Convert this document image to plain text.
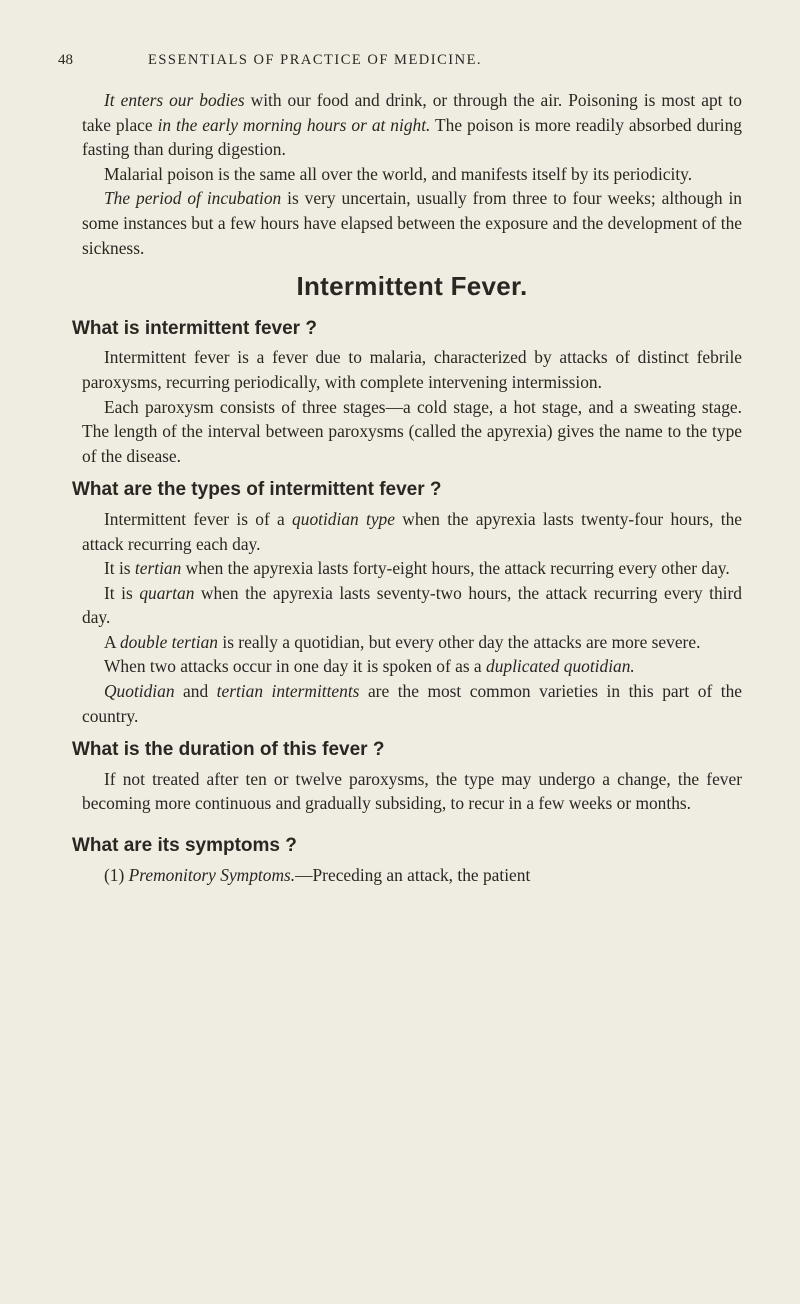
48	ESSENTIALS OF PRACTICE OF MEDICINE.

It enters our bodies with our food and drink, or through the air. Poisoning is most apt to take place in the early morning hours or at night. The poison is more readily absorbed during fasting than during digestion.

Malarial poison is the same all over the world, and manifests itself by its periodicity.

The period of incubation is very uncertain, usually from three to four weeks; although in some instances but a few hours have elapsed between the exposure and the development of the sickness.

Intermittent Fever.
What is intermittent fever ?

Intermittent fever is a fever due to malaria, characterized by attacks of distinct febrile paroxysms, recurring periodically, with complete intervening intermission.

Each paroxysm consists of three stages—a cold stage, a hot stage, and a sweating stage. The length of the interval between paroxysms (called the apyrexia) gives the name to the type of the disease.

What are the types of intermittent fever ?

Intermittent fever is of a quotidian type when the apyrexia lasts twenty-four hours, the attack recurring each day.

It is tertian when the apyrexia lasts forty-eight hours, the attack recurring every other day.

It is quartan when the apyrexia lasts seventy-two hours, the attack recurring every third day.

A double tertian is really a quotidian, but every other day the attacks are more severe.

When two attacks occur in one day it is spoken of as a duplicated quotidian.

Quotidian and tertian intermittents are the most common varieties in this part of the country.

What is the duration of this fever ?

If not treated after ten or twelve paroxysms, the type may undergo a change, the fever becoming more continuous and gradually subsiding, to recur in a few weeks or months.

What are its symptoms ?

(1) Premonitory Symptoms.—Preceding an attack, the patient
